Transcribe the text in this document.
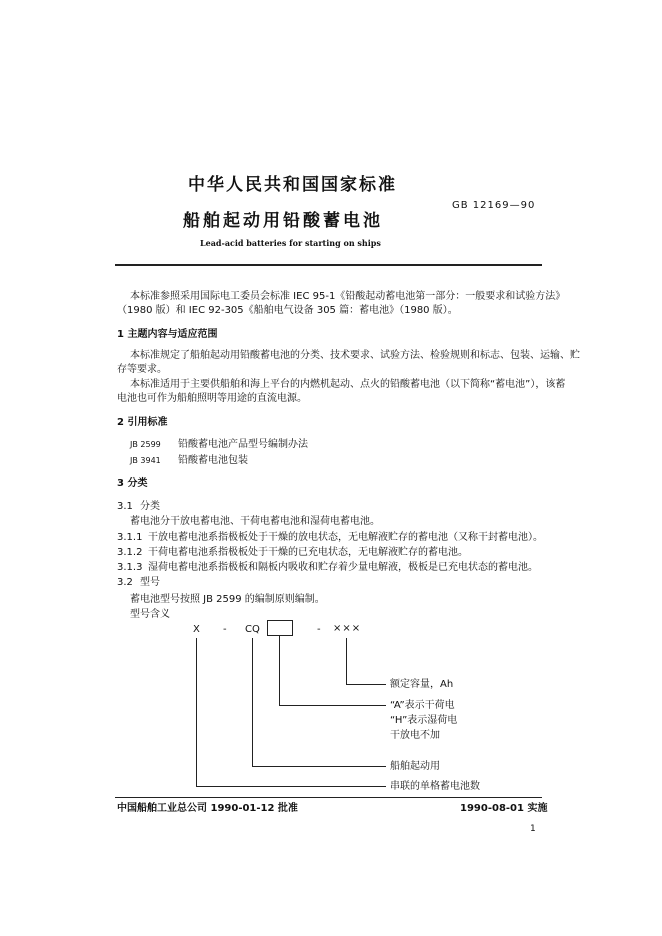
中华人民共和国国家标准
船舶起动用铅酸蓄电池
GB 12169—90
Lead-acid batteries for starting on ships
本标准参照采用国际电工委员会标准 IEC 95-1《铅酸起动蓄电池第一部分：一般要求和试验方法》
（1980 版）和 IEC 92-305《船舶电气设备 305 篇：蓄电池》（1980 版）。
1 主题内容与适应范围
本标准规定了船舶起动用铅酸蓄电池的分类、技术要求、试验方法、检验规则和标志、包装、运输、贮
存等要求。
本标准适用于主要供船舶和海上平台的内燃机起动、点火的铅酸蓄电池（以下简称“蓄电池”），该蓄
电池也可作为船舶照明等用途的直流电源。
2 引用标准
JB 2599 铅酸蓄电池产品型号编制办法
JB 3941 铅酸蓄电池包装
3 分类
3.1 分类
蓄电池分干放电蓄电池、干荷电蓄电池和湿荷电蓄电池。
3.1.1 干放电蓄电池系指极板处于干燥的放电状态，无电解液贮存的蓄电池（又称干封蓄电池）。
3.1.2 干荷电蓄电池系指极板处于干燥的已充电状态，无电解液贮存的蓄电池。
3.1.3 湿荷电蓄电池系指极板和隔板内吸收和贮存着少量电解液，极板是已充电状态的蓄电池。
3.2 型号
蓄电池型号按照 JB 2599 的编制原则编制。
型号含义
X - CQ	- ×××
额定容量，Ah
“A”表示干荷电
“H”表示湿荷电
干放电不加
船舶起动用
串联的单格蓄电池数
中国船舶工业总公司 1990-01-12 批准	1990-08-01 实施
1
